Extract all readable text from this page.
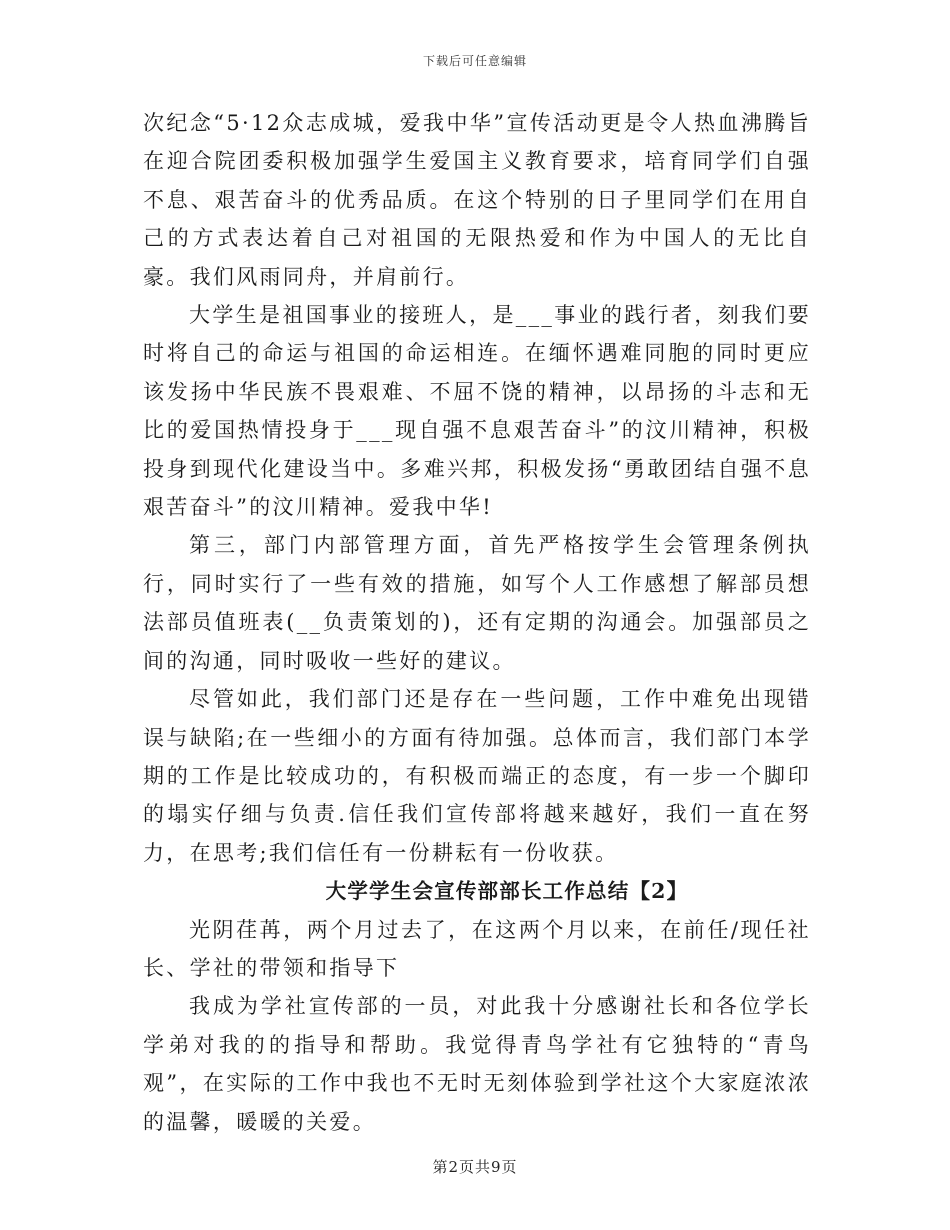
下载后可任意编辑

次纪念“5·12众志成城，爱我中华”宣传活动更是令人热血沸腾旨在迎合院团委积极加强学生爱国主义教育要求，培育同学们自强不息、艰苦奋斗的优秀品质。在这个特别的日子里同学们在用自己的方式表达着自己对祖国的无限热爱和作为中国人的无比自豪。我们风雨同舟，并肩前行。

大学生是祖国事业的接班人，是___事业的践行者，刻我们要时将自己的命运与祖国的命运相连。在缅怀遇难同胞的同时更应该发扬中华民族不畏艰难、不屈不饶的精神，以昂扬的斗志和无比的爱国热情投身于___现自强不息艰苦奋斗”的汶川精神，积极投身到现代化建设当中。多难兴邦，积极发扬“勇敢团结自强不息艰苦奋斗”的汶川精神。爱我中华!

第三，部门内部管理方面，首先严格按学生会管理条例执行，同时实行了一些有效的措施，如写个人工作感想了解部员想法部员值班表(__负责策划的)，还有定期的沟通会。加强部员之间的沟通，同时吸收一些好的建议。

尽管如此，我们部门还是存在一些问题，工作中难免出现错误与缺陷;在一些细小的方面有待加强。总体而言，我们部门本学期的工作是比较成功的，有积极而端正的态度，有一步一个脚印的塌实仔细与负责.信任我们宣传部将越来越好，我们一直在努力，在思考;我们信任有一份耕耘有一份收获。

大学学生会宣传部部长工作总结【2】

光阴荏苒，两个月过去了，在这两个月以来，在前任/现任社长、学社的带领和指导下

我成为学社宣传部的一员，对此我十分感谢社长和各位学长学弟对我的的指导和帮助。我觉得青鸟学社有它独特的“青鸟观”，在实际的工作中我也不无时无刻体验到学社这个大家庭浓浓的温馨，暖暖的关爱。

第2页共9页
